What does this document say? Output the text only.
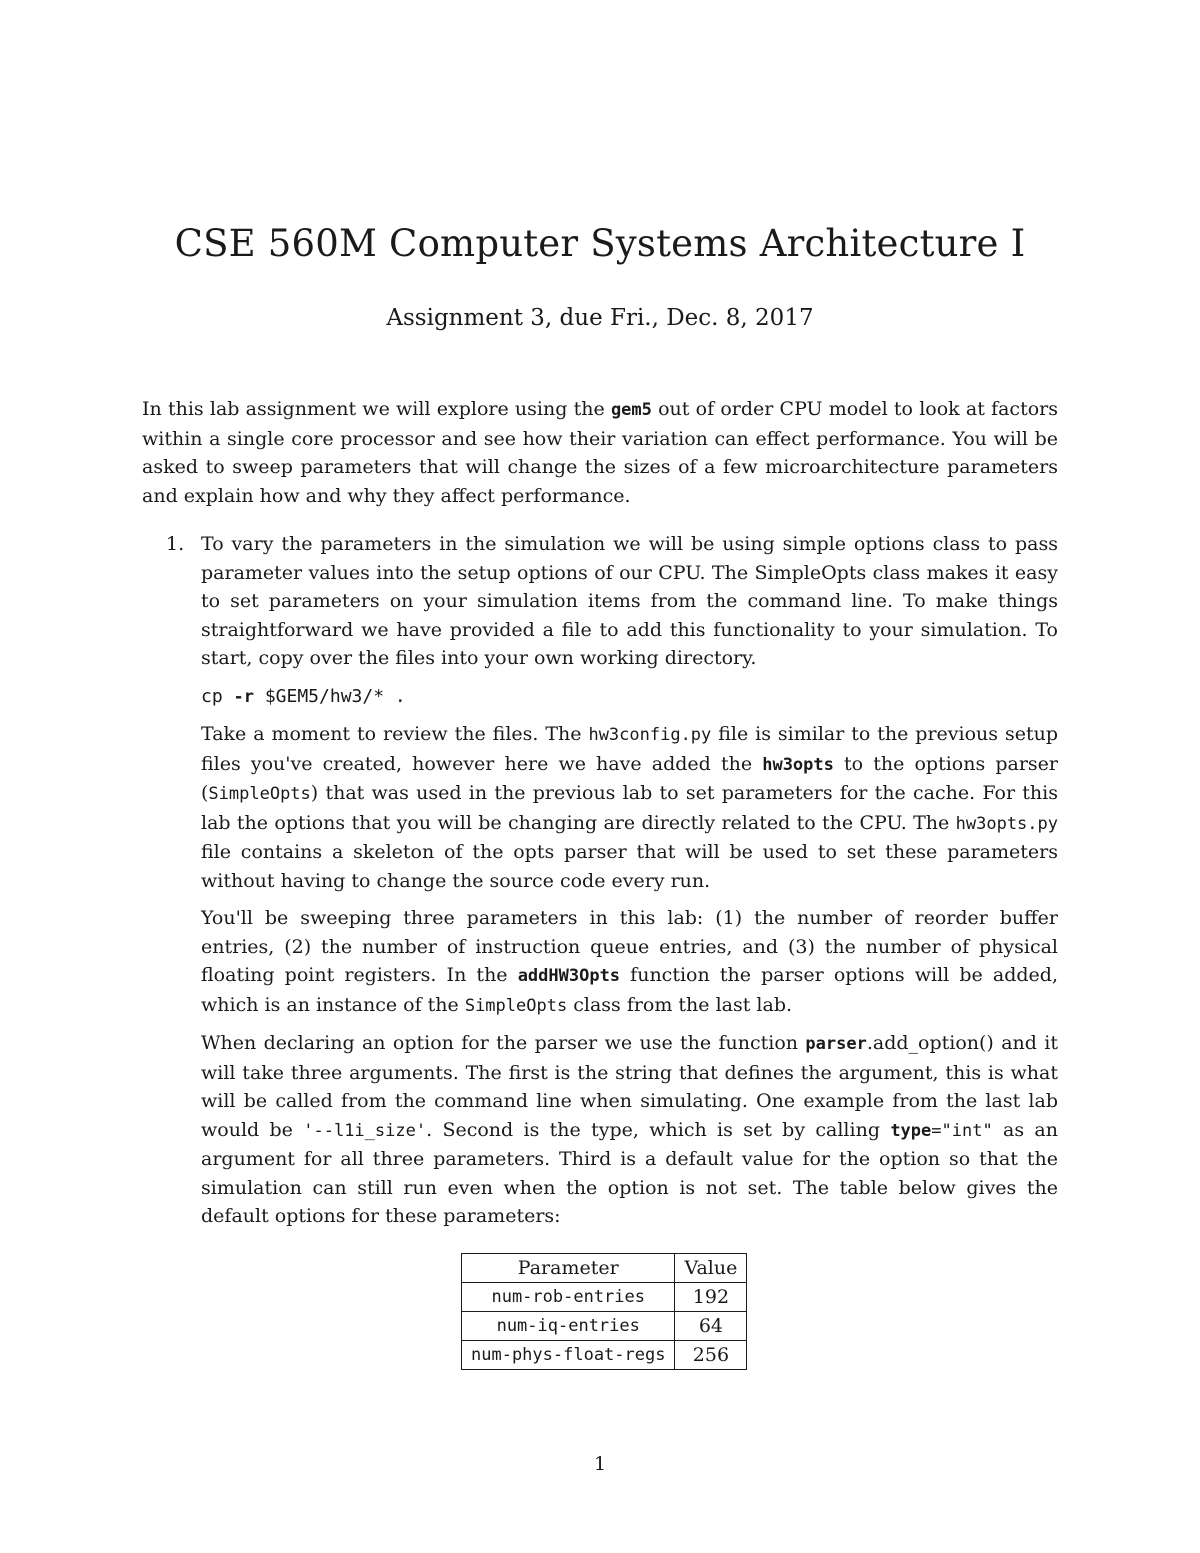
CSE 560M Computer Systems Architecture I
Assignment 3, due Fri., Dec. 8, 2017

In this lab assignment we will explore using the gem5 out of order CPU model to look at factors within a single core processor and see how their variation can effect performance. You will be asked to sweep parameters that will change the sizes of a few microarchitecture parameters and explain how and why they affect performance.

1. To vary the parameters in the simulation we will be using simple options class to pass parameter values into the setup options of our CPU. The SimpleOpts class makes it easy to set parameters on your simulation items from the command line. To make things straightforward we have provided a file to add this functionality to your simulation. To start, copy over the files into your own working directory.

cp -r $GEM5/hw3/* .

Take a moment to review the files. The hw3config.py file is similar to the previous setup files you've created, however here we have added the hw3opts to the options parser (SimpleOpts) that was used in the previous lab to set parameters for the cache. For this lab the options that you will be changing are directly related to the CPU. The hw3opts.py file contains a skeleton of the opts parser that will be used to set these parameters without having to change the source code every run.

You'll be sweeping three parameters in this lab: (1) the number of reorder buffer entries, (2) the number of instruction queue entries, and (3) the number of physical floating point registers. In the addHW3Opts function the parser options will be added, which is an instance of the SimpleOpts class from the last lab.

When declaring an option for the parser we use the function parser.add_option() and it will take three arguments. The first is the string that defines the argument, this is what will be called from the command line when simulating. One example from the last lab would be '--l1i_size'. Second is the type, which is set by calling type="int" as an argument for all three parameters. Third is a default value for the option so that the simulation can still run even when the option is not set. The table below gives the default options for these parameters:

Parameter	Value
num-rob-entries	192
num-iq-entries	64
num-phys-float-regs	256
1
